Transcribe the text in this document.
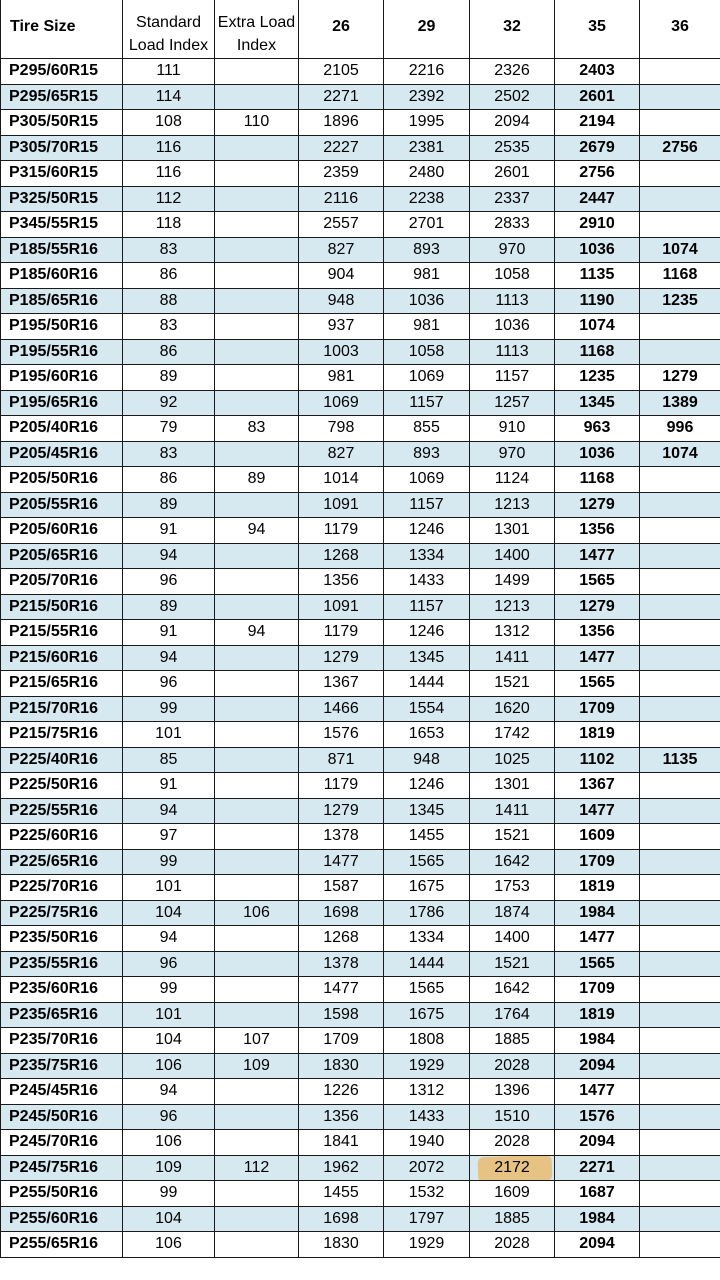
Tire Size	Standard Load Index	Extra Load Index	26	29	32	35	36
P295/60R15	111		2105	2216	2326	2403	
P295/65R15	114		2271	2392	2502	2601	
P305/50R15	108	110	1896	1995	2094	2194	
P305/70R15	116		2227	2381	2535	2679	2756
P315/60R15	116		2359	2480	2601	2756	
P325/50R15	112		2116	2238	2337	2447	
P345/55R15	118		2557	2701	2833	2910	
P185/55R16	83		827	893	970	1036	1074
P185/60R16	86		904	981	1058	1135	1168
P185/65R16	88		948	1036	1113	1190	1235
P195/50R16	83		937	981	1036	1074	
P195/55R16	86		1003	1058	1113	1168	
P195/60R16	89		981	1069	1157	1235	1279
P195/65R16	92		1069	1157	1257	1345	1389
P205/40R16	79	83	798	855	910	963	996
P205/45R16	83		827	893	970	1036	1074
P205/50R16	86	89	1014	1069	1124	1168	
P205/55R16	89		1091	1157	1213	1279	
P205/60R16	91	94	1179	1246	1301	1356	
P205/65R16	94		1268	1334	1400	1477	
P205/70R16	96		1356	1433	1499	1565	
P215/50R16	89		1091	1157	1213	1279	
P215/55R16	91	94	1179	1246	1312	1356	
P215/60R16	94		1279	1345	1411	1477	
P215/65R16	96		1367	1444	1521	1565	
P215/70R16	99		1466	1554	1620	1709	
P215/75R16	101		1576	1653	1742	1819	
P225/40R16	85		871	948	1025	1102	1135
P225/50R16	91		1179	1246	1301	1367	
P225/55R16	94		1279	1345	1411	1477	
P225/60R16	97		1378	1455	1521	1609	
P225/65R16	99		1477	1565	1642	1709	
P225/70R16	101		1587	1675	1753	1819	
P225/75R16	104	106	1698	1786	1874	1984	
P235/50R16	94		1268	1334	1400	1477	
P235/55R16	96		1378	1444	1521	1565	
P235/60R16	99		1477	1565	1642	1709	
P235/65R16	101		1598	1675	1764	1819	
P235/70R16	104	107	1709	1808	1885	1984	
P235/75R16	106	109	1830	1929	2028	2094	
P245/45R16	94		1226	1312	1396	1477	
P245/50R16	96		1356	1433	1510	1576	
P245/70R16	106		1841	1940	2028	2094	
P245/75R16	109	112	1962	2072	2172	2271	
P255/50R16	99		1455	1532	1609	1687	
P255/60R16	104		1698	1797	1885	1984	
P255/65R16	106		1830	1929	2028	2094	
